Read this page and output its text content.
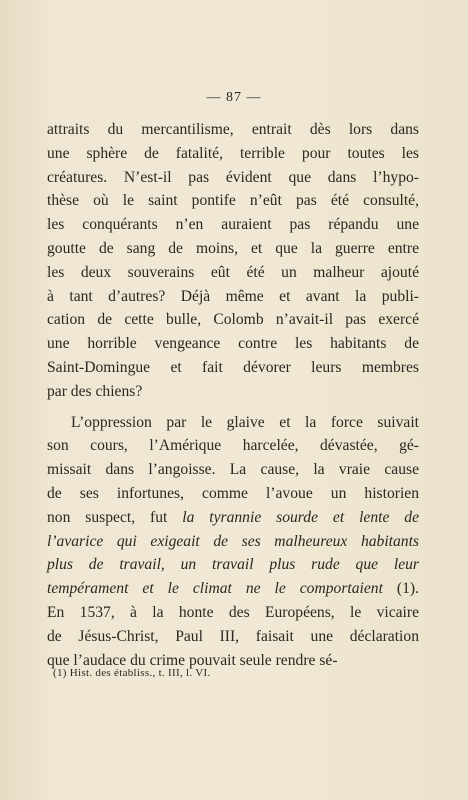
— 87 —
attraits du mercantilisme, entrait dès lors dans
une sphère de fatalité, terrible pour toutes les
créatures. N’est-il pas évident que dans l’hypo-
thèse où le saint pontife n’eût pas été consulté,
les conquérants n’en auraient pas répandu une
goutte de sang de moins, et que la guerre entre
les deux souverains eût été un malheur ajouté
à tant d’autres? Déjà même et avant la publi-
cation de cette bulle, Colomb n’avait-il pas exercé
une horrible vengeance contre les habitants de
Saint-Domingue et fait dévorer leurs membres
par des chiens?
L’oppression par le glaive et la force suivait
son cours, l’Amérique harcelée, dévastée, gé-
missait dans l’angoisse. La cause, la vraie cause
de ses infortunes, comme l’avoue un historien
non suspect, fut la tyrannie sourde et lente de
l’avarice qui exigeait de ses malheureux habitants
plus de travail, un travail plus rude que leur
tempérament et le climat ne le comportaient (1).
En 1537, à la honte des Européens, le vicaire
de Jésus-Christ, Paul III, faisait une déclaration
que l’audace du crime pouvait seule rendre sé-
(1) Hist. des établiss., t. III, l. VI.
